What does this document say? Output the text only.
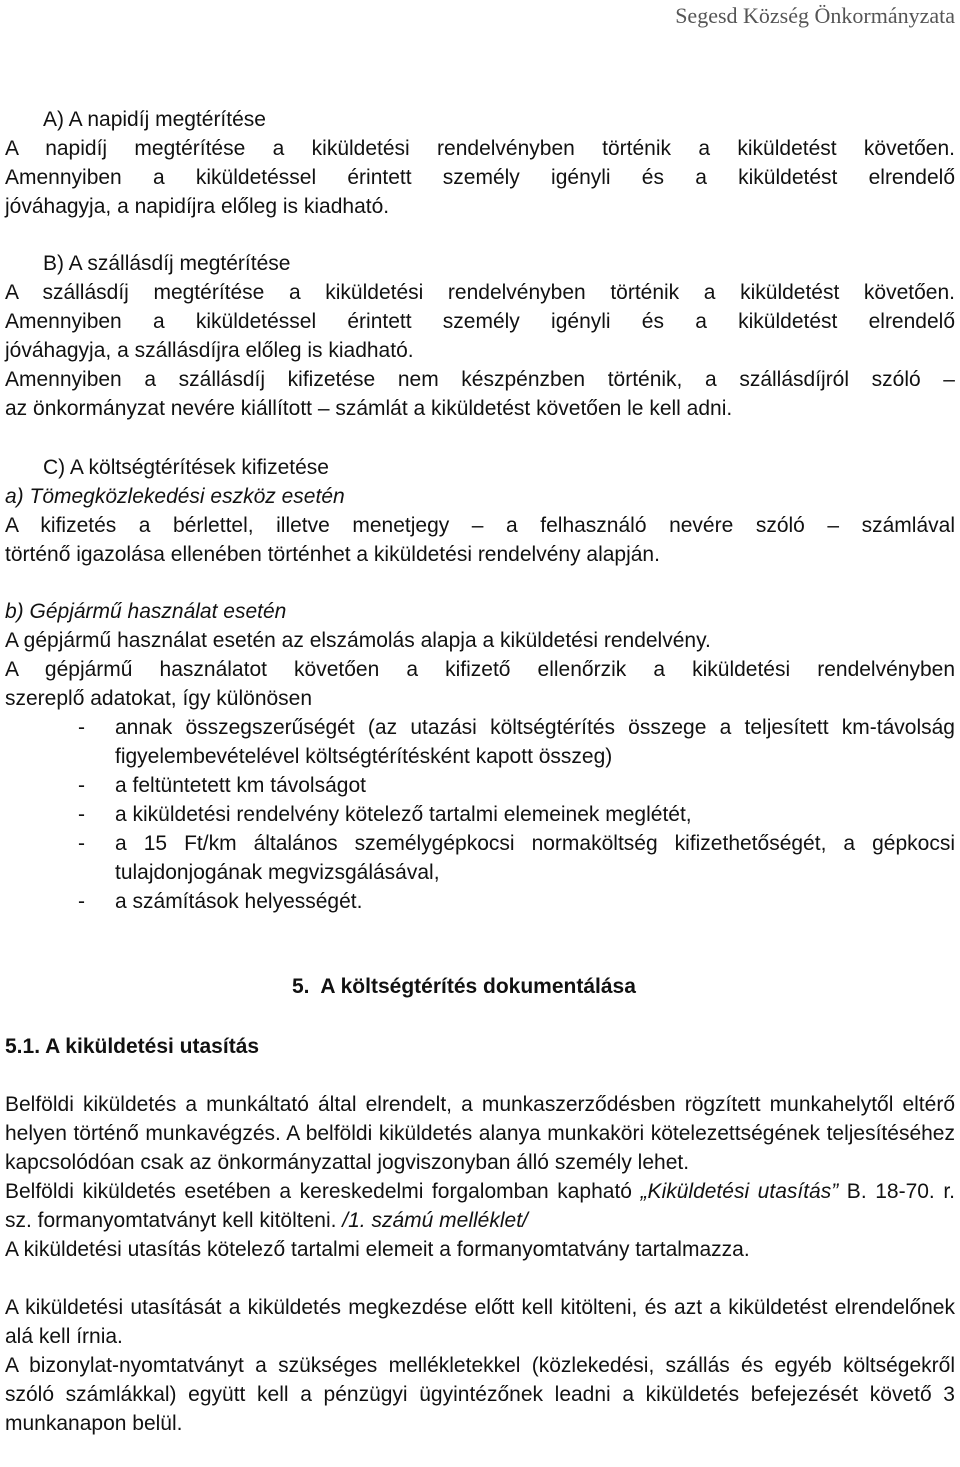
Segesd Község Önkormányzata

A) A napidíj megtérítése

A napidíj megtérítése a kiküldetési rendelvényben történik a kiküldetést követően.

Amennyiben a kiküldetéssel érintett személy igényli és a kiküldetést elrendelő

jóváhagyja, a napidíjra előleg is kiadható.

B) A szállásdíj megtérítése

A szállásdíj megtérítése a kiküldetési rendelvényben történik a kiküldetést követően.

Amennyiben a kiküldetéssel érintett személy igényli és a kiküldetést elrendelő

jóváhagyja, a szállásdíjra előleg is kiadható.

Amennyiben a szállásdíj kifizetése nem készpénzben történik, a szállásdíjról szóló –

az önkormányzat nevére kiállított – számlát a kiküldetést követően le kell adni.

C) A költségtérítések kifizetése

a) Tömegközlekedési eszköz esetén

A kifizetés a bérlettel, illetve menetjegy – a felhasználó nevére szóló – számlával

történő igazolása ellenében történhet a kiküldetési rendelvény alapján.

b) Gépjármű használat esetén

A gépjármű használat esetén az elszámolás alapja a kiküldetési rendelvény.

A gépjármű használatot követően a kifizető ellenőrzik a kiküldetési rendelvényben

szereplő adatokat, így különösen

-	annak összegszerűségét (az utazási költségtérítés összege a teljesített km-távolság figyelembevételével költségtérítésként kapott összeg)
-	a feltüntetett km távolságot
-	a kiküldetési rendelvény kötelező tartalmi elemeinek meglétét,
-	a 15 Ft/km általános személygépkocsi normaköltség kifizethetőségét, a gépkocsi tulajdonjogának megvizsgálásával,
-	a számítások helyességét.
5.  A költségtérítés dokumentálása
5.1. A kiküldetési utasítás

Belföldi kiküldetés a munkáltató által elrendelt, a munkaszerződésben rögzített munkahelytől eltérő helyen történő munkavégzés. A belföldi kiküldetés alanya munkaköri kötelezettségének teljesítéséhez kapcsolódóan csak az önkormányzattal jogviszonyban álló személy lehet.

Belföldi kiküldetés esetében a kereskedelmi forgalomban kapható „Kiküldetési utasítás” B. 18-70. r. sz. formanyomtatványt kell kitölteni. /1. számú melléklet/

A kiküldetési utasítás kötelező tartalmi elemeit a formanyomtatvány tartalmazza.

A kiküldetési utasítását a kiküldetés megkezdése előtt kell kitölteni, és azt a kiküldetést elrendelőnek alá kell írnia.

A bizonylat-nyomtatványt a szükséges mellékletekkel (közlekedési, szállás és egyéb költségekről szóló számlákkal) együtt kell a pénzügyi ügyintézőnek leadni a kiküldetés befejezését követő 3 munkanapon belül.
